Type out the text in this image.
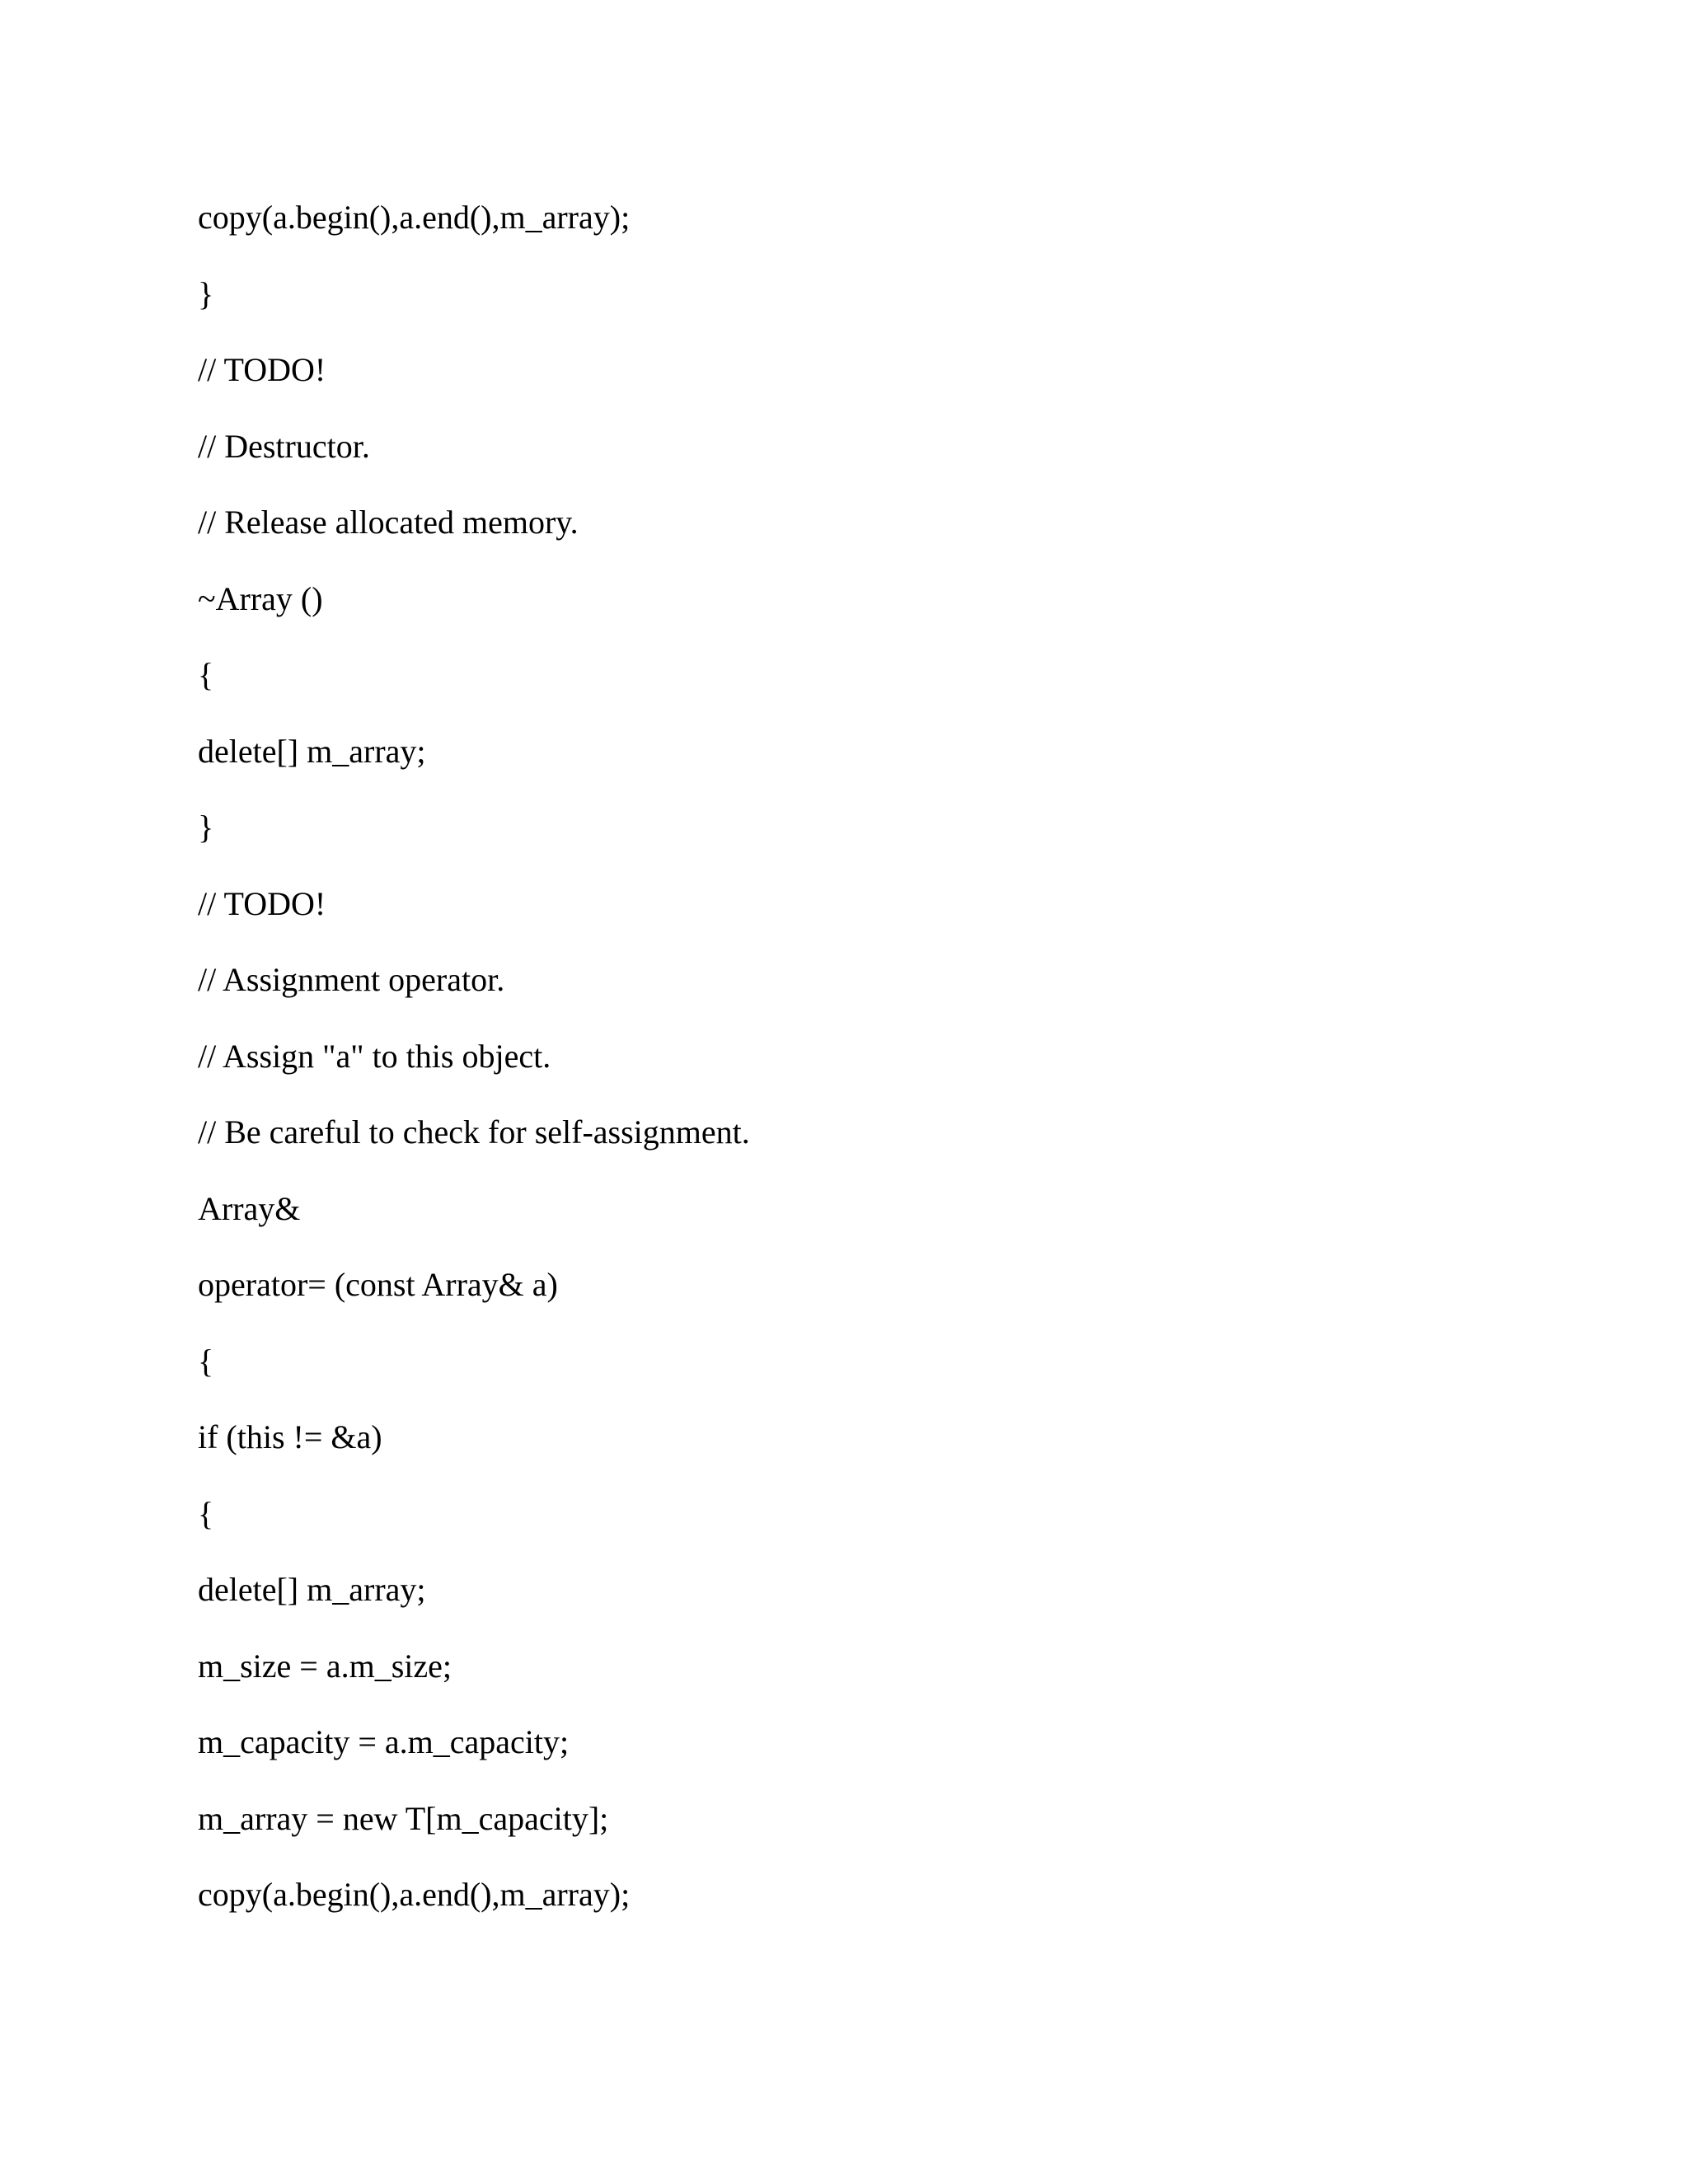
copy(a.begin(),a.end(),m_array);
}
// TODO!
// Destructor.
// Release allocated memory.
~Array ()
{
delete[] m_array;
}
// TODO!
// Assignment operator.
// Assign "a" to this object.
// Be careful to check for self-assignment.
Array&
operator= (const Array& a)
{
if (this != &a)
{
delete[] m_array;
m_size = a.m_size;
m_capacity = a.m_capacity;
m_array = new T[m_capacity];
copy(a.begin(),a.end(),m_array);
